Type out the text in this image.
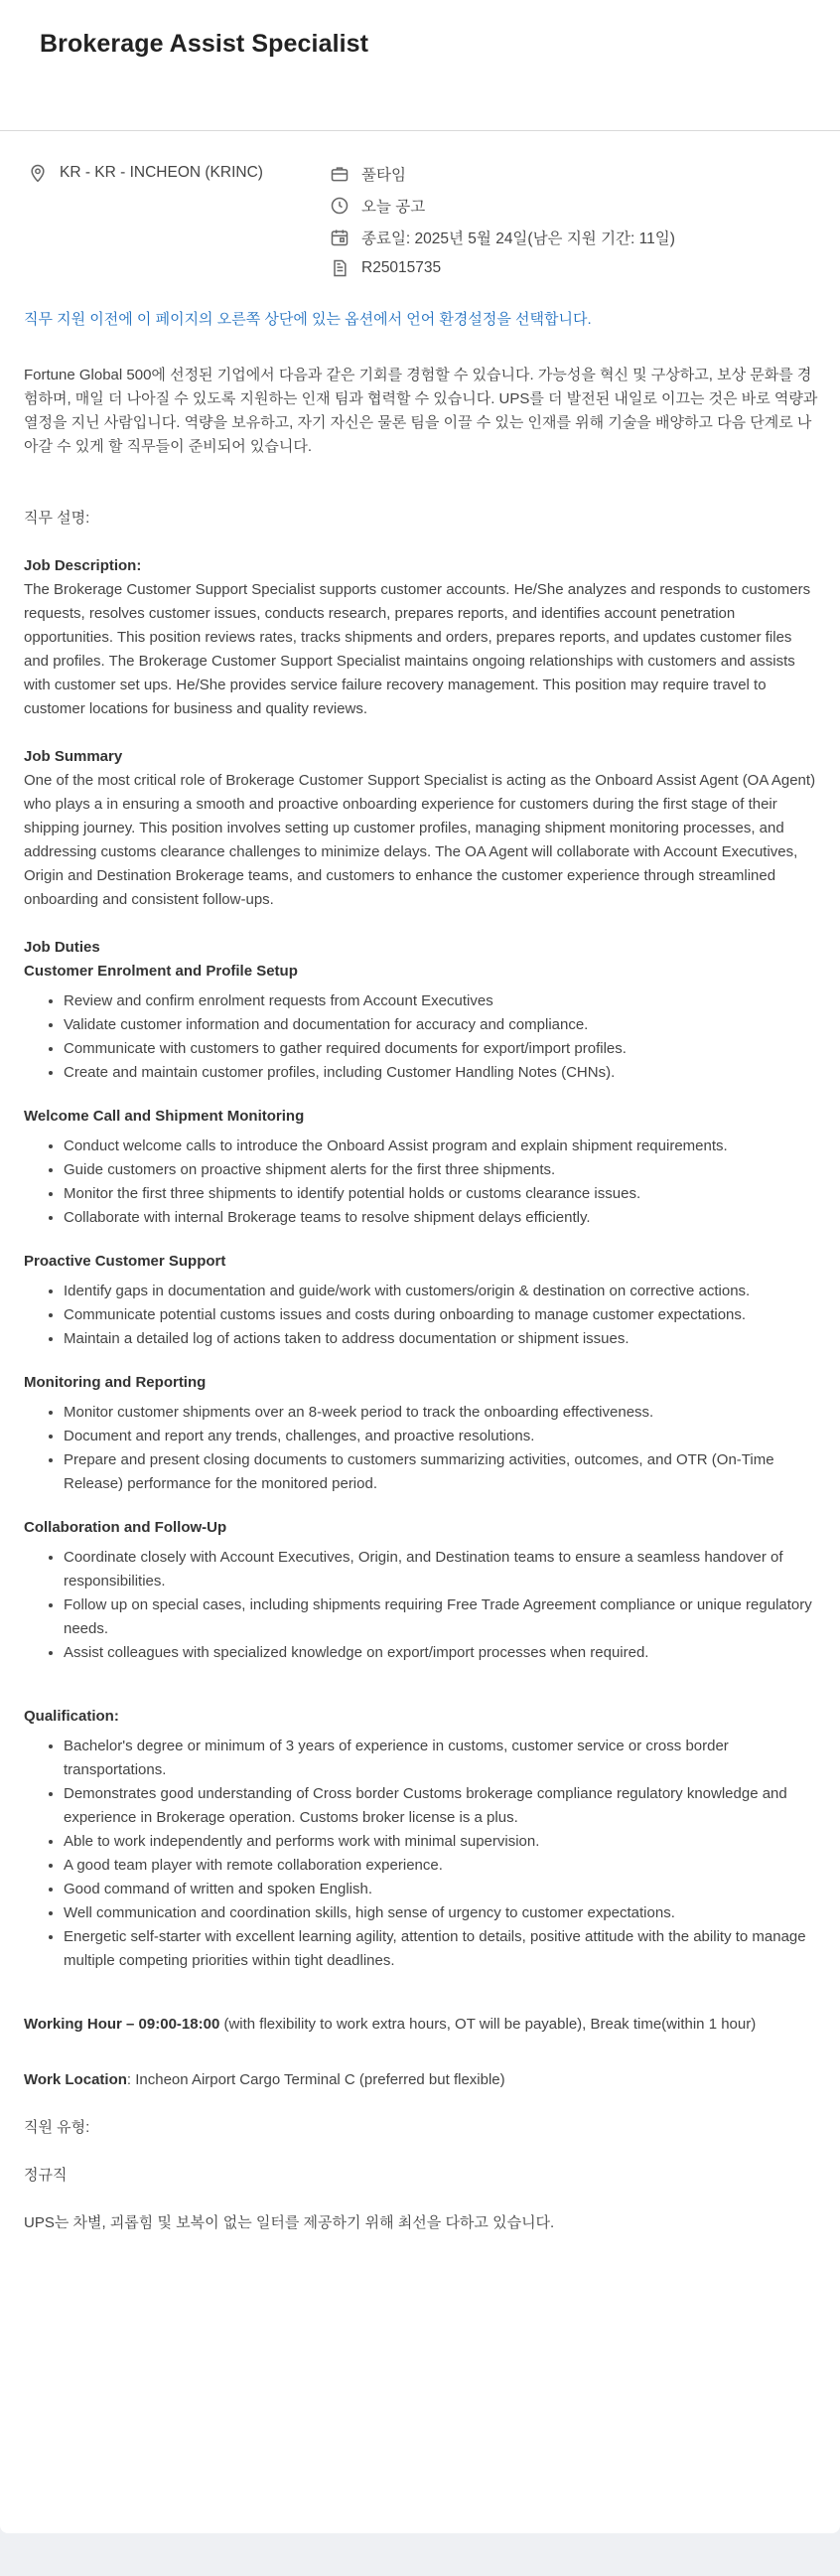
Brokerage Assist Specialist
KR - KR - INCHEON (KRINC)	풀타임
오늘 공고
종료일: 2025년 5월 24일(남은 지원 기간: 11일)
R25015735

직무 지원 이전에 이 페이지의 오른쪽 상단에 있는 옵션에서 언어 환경설정을 선택합니다.

Fortune Global 500에 선정된 기업에서 다음과 같은 기회를 경험할 수 있습니다. 가능성을 혁신 및 구상하고, 보상 문화를 경험하며, 매일 더 나아질 수 있도록 지원하는 인재 팀과 협력할 수 있습니다. UPS를 더 발전된 내일로 이끄는 것은 바로 역량과 열정을 지닌 사람입니다. 역량을 보유하고, 자기 자신은 물론 팀을 이끌 수 있는 인재를 위해 기술을 배양하고 다음 단계로 나아갈 수 있게 할 직무들이 준비되어 있습니다.

직무 설명:

Job Description:

The Brokerage Customer Support Specialist supports customer accounts. He/She analyzes and responds to customers requests, resolves customer issues, conducts research, prepares reports, and identifies account penetration opportunities. This position reviews rates, tracks shipments and orders, prepares reports, and updates customer files and profiles. The Brokerage Customer Support Specialist maintains ongoing relationships with customers and assists with customer set ups. He/She provides service failure recovery management. This position may require travel to customer locations for business and quality reviews.

Job Summary

One of the most critical role of Brokerage Customer Support Specialist is acting as the Onboard Assist Agent (OA Agent) who plays a in ensuring a smooth and proactive onboarding experience for customers during the first stage of their shipping journey. This position involves setting up customer profiles, managing shipment monitoring processes, and addressing customs clearance challenges to minimize delays. The OA Agent will collaborate with Account Executives, Origin and Destination Brokerage teams, and customers to enhance the customer experience through streamlined onboarding and consistent follow-ups.

Job Duties

Customer Enrolment and Profile Setup

• Review and confirm enrolment requests from Account Executives
• Validate customer information and documentation for accuracy and compliance.
• Communicate with customers to gather required documents for export/import profiles.
• Create and maintain customer profiles, including Customer Handling Notes (CHNs).

Welcome Call and Shipment Monitoring

• Conduct welcome calls to introduce the Onboard Assist program and explain shipment requirements.
• Guide customers on proactive shipment alerts for the first three shipments.
• Monitor the first three shipments to identify potential holds or customs clearance issues.
• Collaborate with internal Brokerage teams to resolve shipment delays efficiently.

Proactive Customer Support

• Identify gaps in documentation and guide/work with customers/origin & destination on corrective actions.
• Communicate potential customs issues and costs during onboarding to manage customer expectations.
• Maintain a detailed log of actions taken to address documentation or shipment issues.

Monitoring and Reporting

• Monitor customer shipments over an 8-week period to track the onboarding effectiveness.
• Document and report any trends, challenges, and proactive resolutions.
• Prepare and present closing documents to customers summarizing activities, outcomes, and OTR (On-Time Release) performance for the monitored period.

Collaboration and Follow-Up

• Coordinate closely with Account Executives, Origin, and Destination teams to ensure a seamless handover of responsibilities.
• Follow up on special cases, including shipments requiring Free Trade Agreement compliance or unique regulatory needs.
• Assist colleagues with specialized knowledge on export/import processes when required.

Qualification:

• Bachelor's degree or minimum of 3 years of experience in customs, customer service or cross border transportations.
• Demonstrates good understanding of Cross border Customs brokerage compliance regulatory knowledge and experience in Brokerage operation. Customs broker license is a plus.
• Able to work independently and performs work with minimal supervision.
• A good team player with remote collaboration experience.
• Good command of written and spoken English.
• Well communication and coordination skills, high sense of urgency to customer expectations.
• Energetic self-starter with excellent learning agility, attention to details, positive attitude with the ability to manage multiple competing priorities within tight deadlines.

Working Hour – 09:00-18:00 (with flexibility to work extra hours, OT will be payable), Break time(within 1 hour)

Work Location: Incheon Airport Cargo Terminal C (preferred but flexible)

직원 유형:

정규직

UPS는 차별, 괴롭힘 및 보복이 없는 일터를 제공하기 위해 최선을 다하고 있습니다.
